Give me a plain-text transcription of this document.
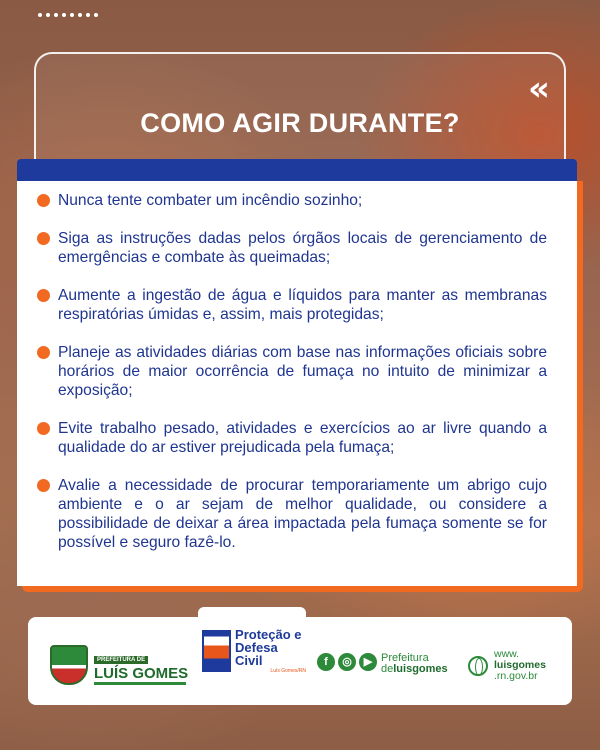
«
COMO AGIR DURANTE?
Nunca tente combater um incêndio sozinho;
Siga as instruções dadas pelos órgãos locais de gerenciamento de emergências e combate às queimadas;
Aumente a ingestão de água e líquidos para manter as membranas respiratórias úmidas e, assim, mais protegidas;
Planeje as atividades diárias com base nas informações oficiais sobre horários de maior ocorrência de fumaça no intuito de minimizar a exposição;
Evite trabalho pesado, atividades e exercícios ao ar livre quando a qualidade do ar estiver prejudicada pela fumaça;
Avalie a necessidade de procurar temporariamente um abrigo cujo ambiente e o ar sejam de melhor qualidade, ou considere a possibilidade de deixar a área impactada pela fumaça somente se for possível e seguro fazê-lo.
PREFEITURA DE
LUÍS GOMES
Proteção e
Defesa Civil
Luís Gomes/RN
f	◎	▶ Prefeitura
deluisgomes
www.
luisgomes
.rn.gov.br
